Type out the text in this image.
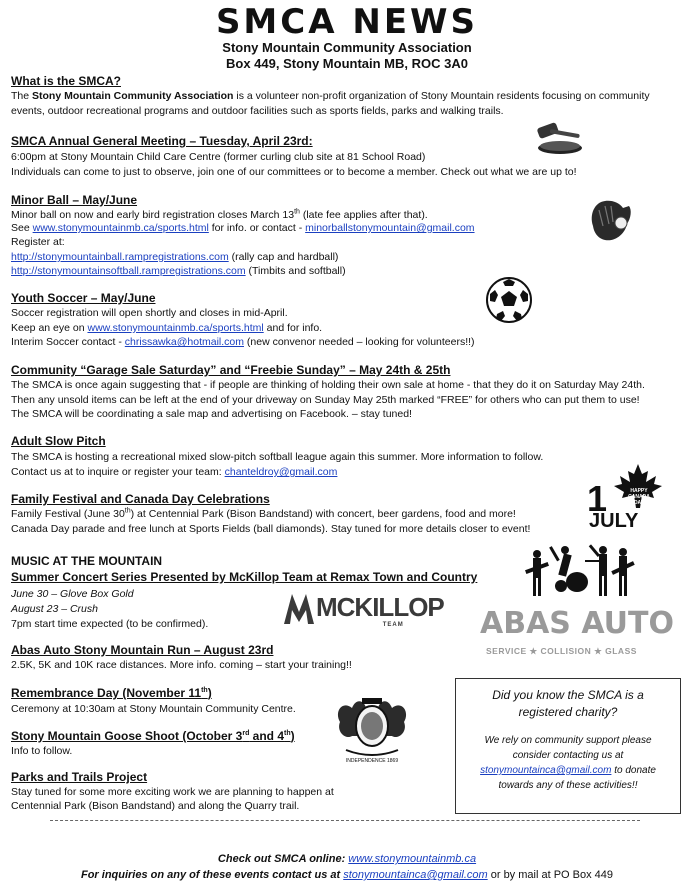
SMCA NEWS
Stony Mountain Community Association
Box 449, Stony Mountain MB, ROC 3A0
What is the SMCA?
The Stony Mountain Community Association is a volunteer non-profit organization of Stony Mountain residents focusing on community
events, outdoor recreational programs and outdoor facilities such as sports fields, parks and walking trails.
SMCA Annual General Meeting – Tuesday, April 23rd:
6:00pm at Stony Mountain Child Care Centre (former curling club site at 81 School Road)
Individuals can come to just to observe, join one of our committees or to become a member. Check out what we are up to!
Minor Ball – May/June
Minor ball on now and early bird registration closes March 13th (late fee applies after that).
See www.stonymountainmb.ca/sports.html for info. or contact - minorballstonymountain@gmail.com
Register at:
http://stonymountainball.rampregistrations.com (rally cap and hardball)
http://stonymountainsoftball.rampregistrations.com (Timbits and softball)
Youth Soccer – May/June
Soccer registration will open shortly and closes in mid-April.
Keep an eye on www.stonymountainmb.ca/sports.html and for info.
Interim Soccer contact - chrissawka@hotmail.com (new convenor needed – looking for volunteers!!)
Community “Garage Sale Saturday” and “Freebie Sunday” – May 24th & 25th
The SMCA is once again suggesting that - if people are thinking of holding their own sale at home - that they do it on Saturday May 24th.
Then any unsold items can be left at the end of your driveway on Sunday May 25th marked “FREE” for others who can put them to use!
The SMCA will be coordinating a sale map and advertising on Facebook. – stay tuned!
Adult Slow Pitch
The SMCA is hosting a recreational mixed slow-pitch softball league again this summer. More information to follow.
Contact us at to inquire or register your team: chanteldroy@gmail.com
Family Festival and Canada Day Celebrations
Family Festival (June 30th) at Centennial Park (Bison Bandstand) with concert, beer gardens, food and more!
Canada Day parade and free lunch at Sports Fields (ball diamonds). Stay tuned for more details closer to event!
HAPPY CANADA DAY
1
JULY
MUSIC AT THE MOUNTAIN
Summer Concert Series Presented by McKillop Team at Remax Town and Country
June 30 – Glove Box Gold
August 23 – Crush
7pm start time expected (to be confirmed).
MCKILLOP
TEAM	ABAS AUTO
SERVICE ★ COLLISION ★ GLASS
Abas Auto Stony Mountain Run – August 23rd
2.5K, 5K and 10K race distances. More info. coming – start your training!!
Remembrance Day (November 11th)
Ceremony at 10:30am at Stony Mountain Community Centre.
Stony Mountain Goose Shoot (October 3rd and 4th)
Info to follow.
INDEPENDENCE 1869
Parks and Trails Project
Stay tuned for some more exciting work we are planning to happen at
Centennial Park (Bison Bandstand) and along the Quarry trail.
Did you know the SMCA is a
registered charity?
We rely on community support please
consider contacting us at
stonymountainca@gmail.com to donate
towards any of these activities!!
Check out SMCA online: www.stonymountainmb.ca
For inquiries on any of these events contact us at stonymountainca@gmail.com or by mail at PO Box 449
